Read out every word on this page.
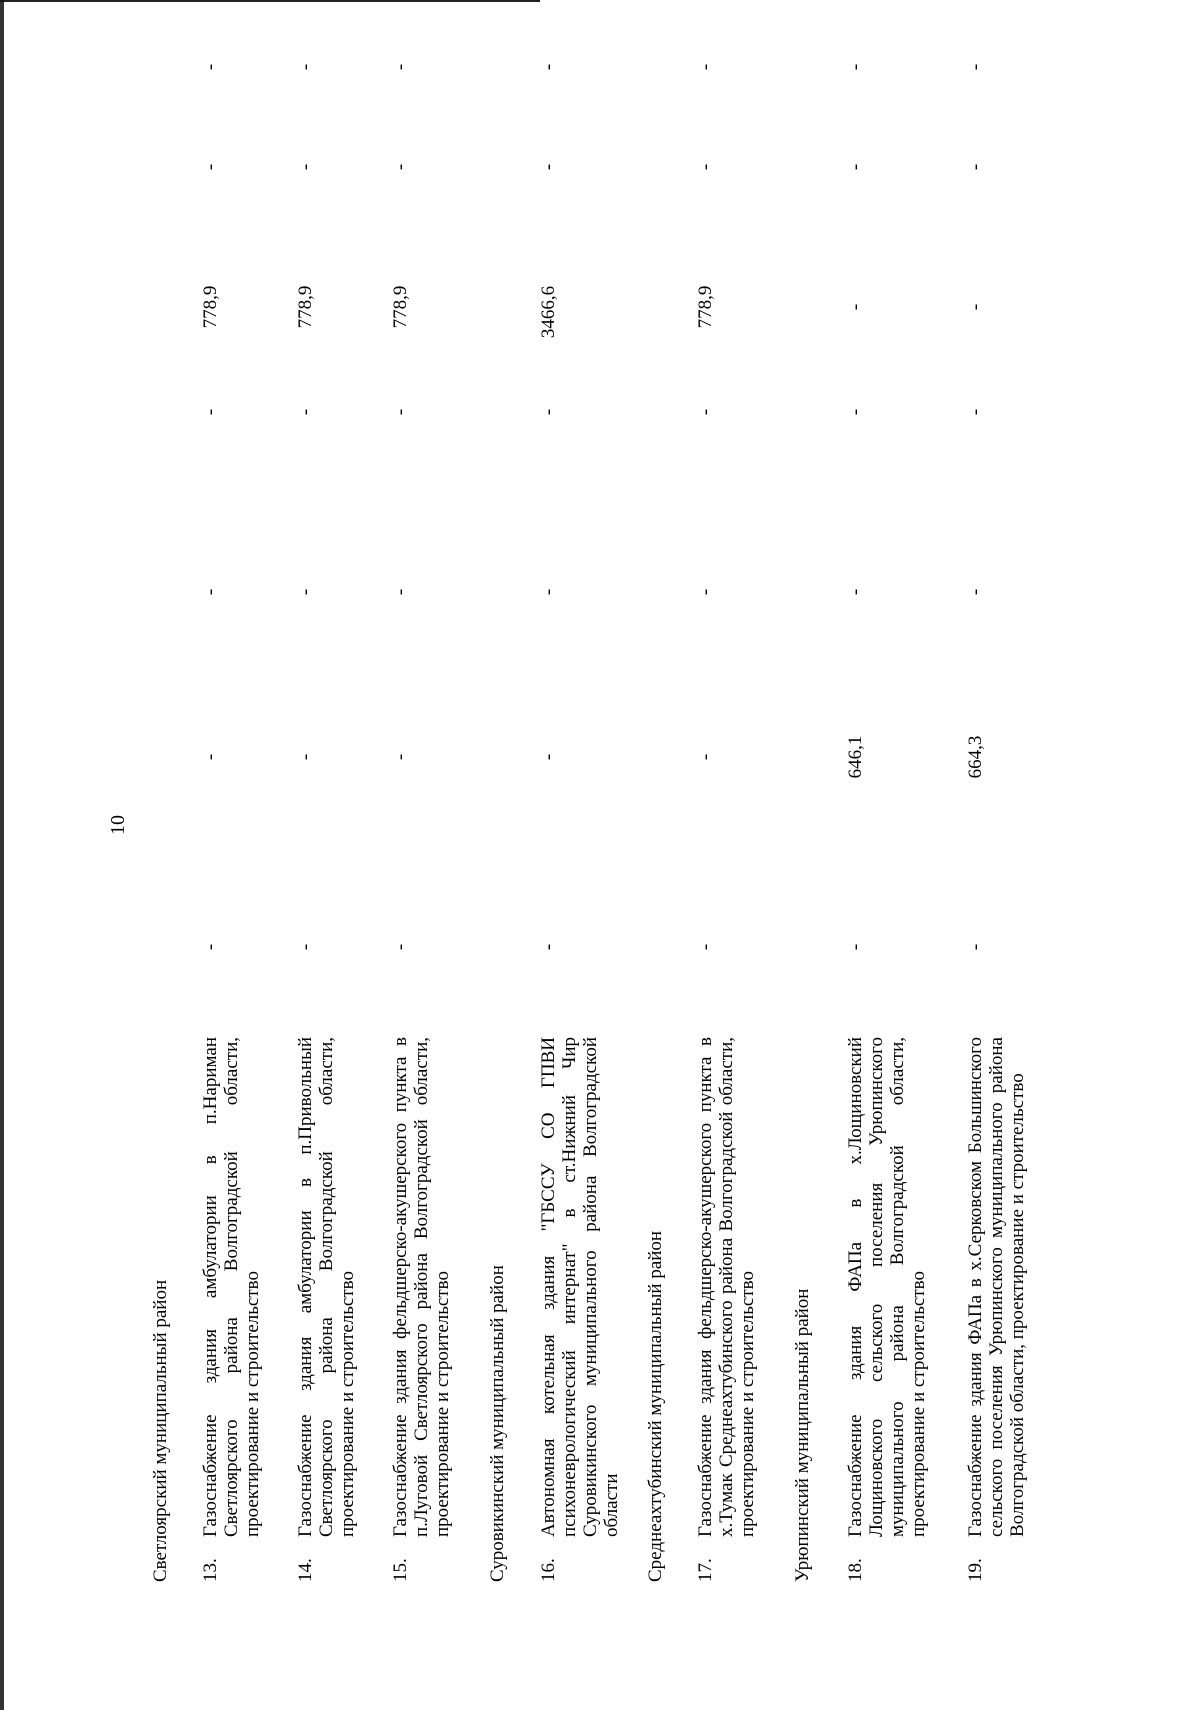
10
Светлоярский муниципальный район 13.
Газоснабжение здания амбулатории в п.Нариман Светлоярского района Волгоградской области, проектирование и строительство
-
-
-
-
778,9
-
-
14.
Газоснабжение здания амбулатории в п.Привольный Светлоярского района Волгоградской области, проектирование и строительство
-
-
-
-
778,9
-
-
15.
Газоснабжение здания фельдшерско-акушерского пункта в п.Луговой Светлоярского района Волгоградской области, проектирование и строительство
-
-
-
-
778,9
-
-
Суровикинский муниципальный район 16.
Автономная котельная здания "ГБССУ СО ГПВИ психоневрологический интернат" в ст.Нижний Чир Суровикинского муниципального района Волгоградской области
-
-
-
-
3466,6
-
-
Среднеахтубинский муниципальный район 17.
Газоснабжение здания фельдшерско-акушерского пункта в х.Тумак Среднеахтубинского района Волгоградской области, проектирование и строительство
-
-
-
-
778,9
-
-
Урюпинский муниципальный район 18.
Газоснабжение здания ФАПа в х.Лощиновский Лощиновского сельского поселения Урюпинского муниципального района Волгоградской области, проектирование и строительство
-
646,1
-
-
-
-
-
19.
Газоснабжение здания ФАПа в х.Серковском Большинского сельского поселения Урюпинского муниципального района Волгоградской области, проектирование и строительство
-
664,3
-
-
-
-
-
